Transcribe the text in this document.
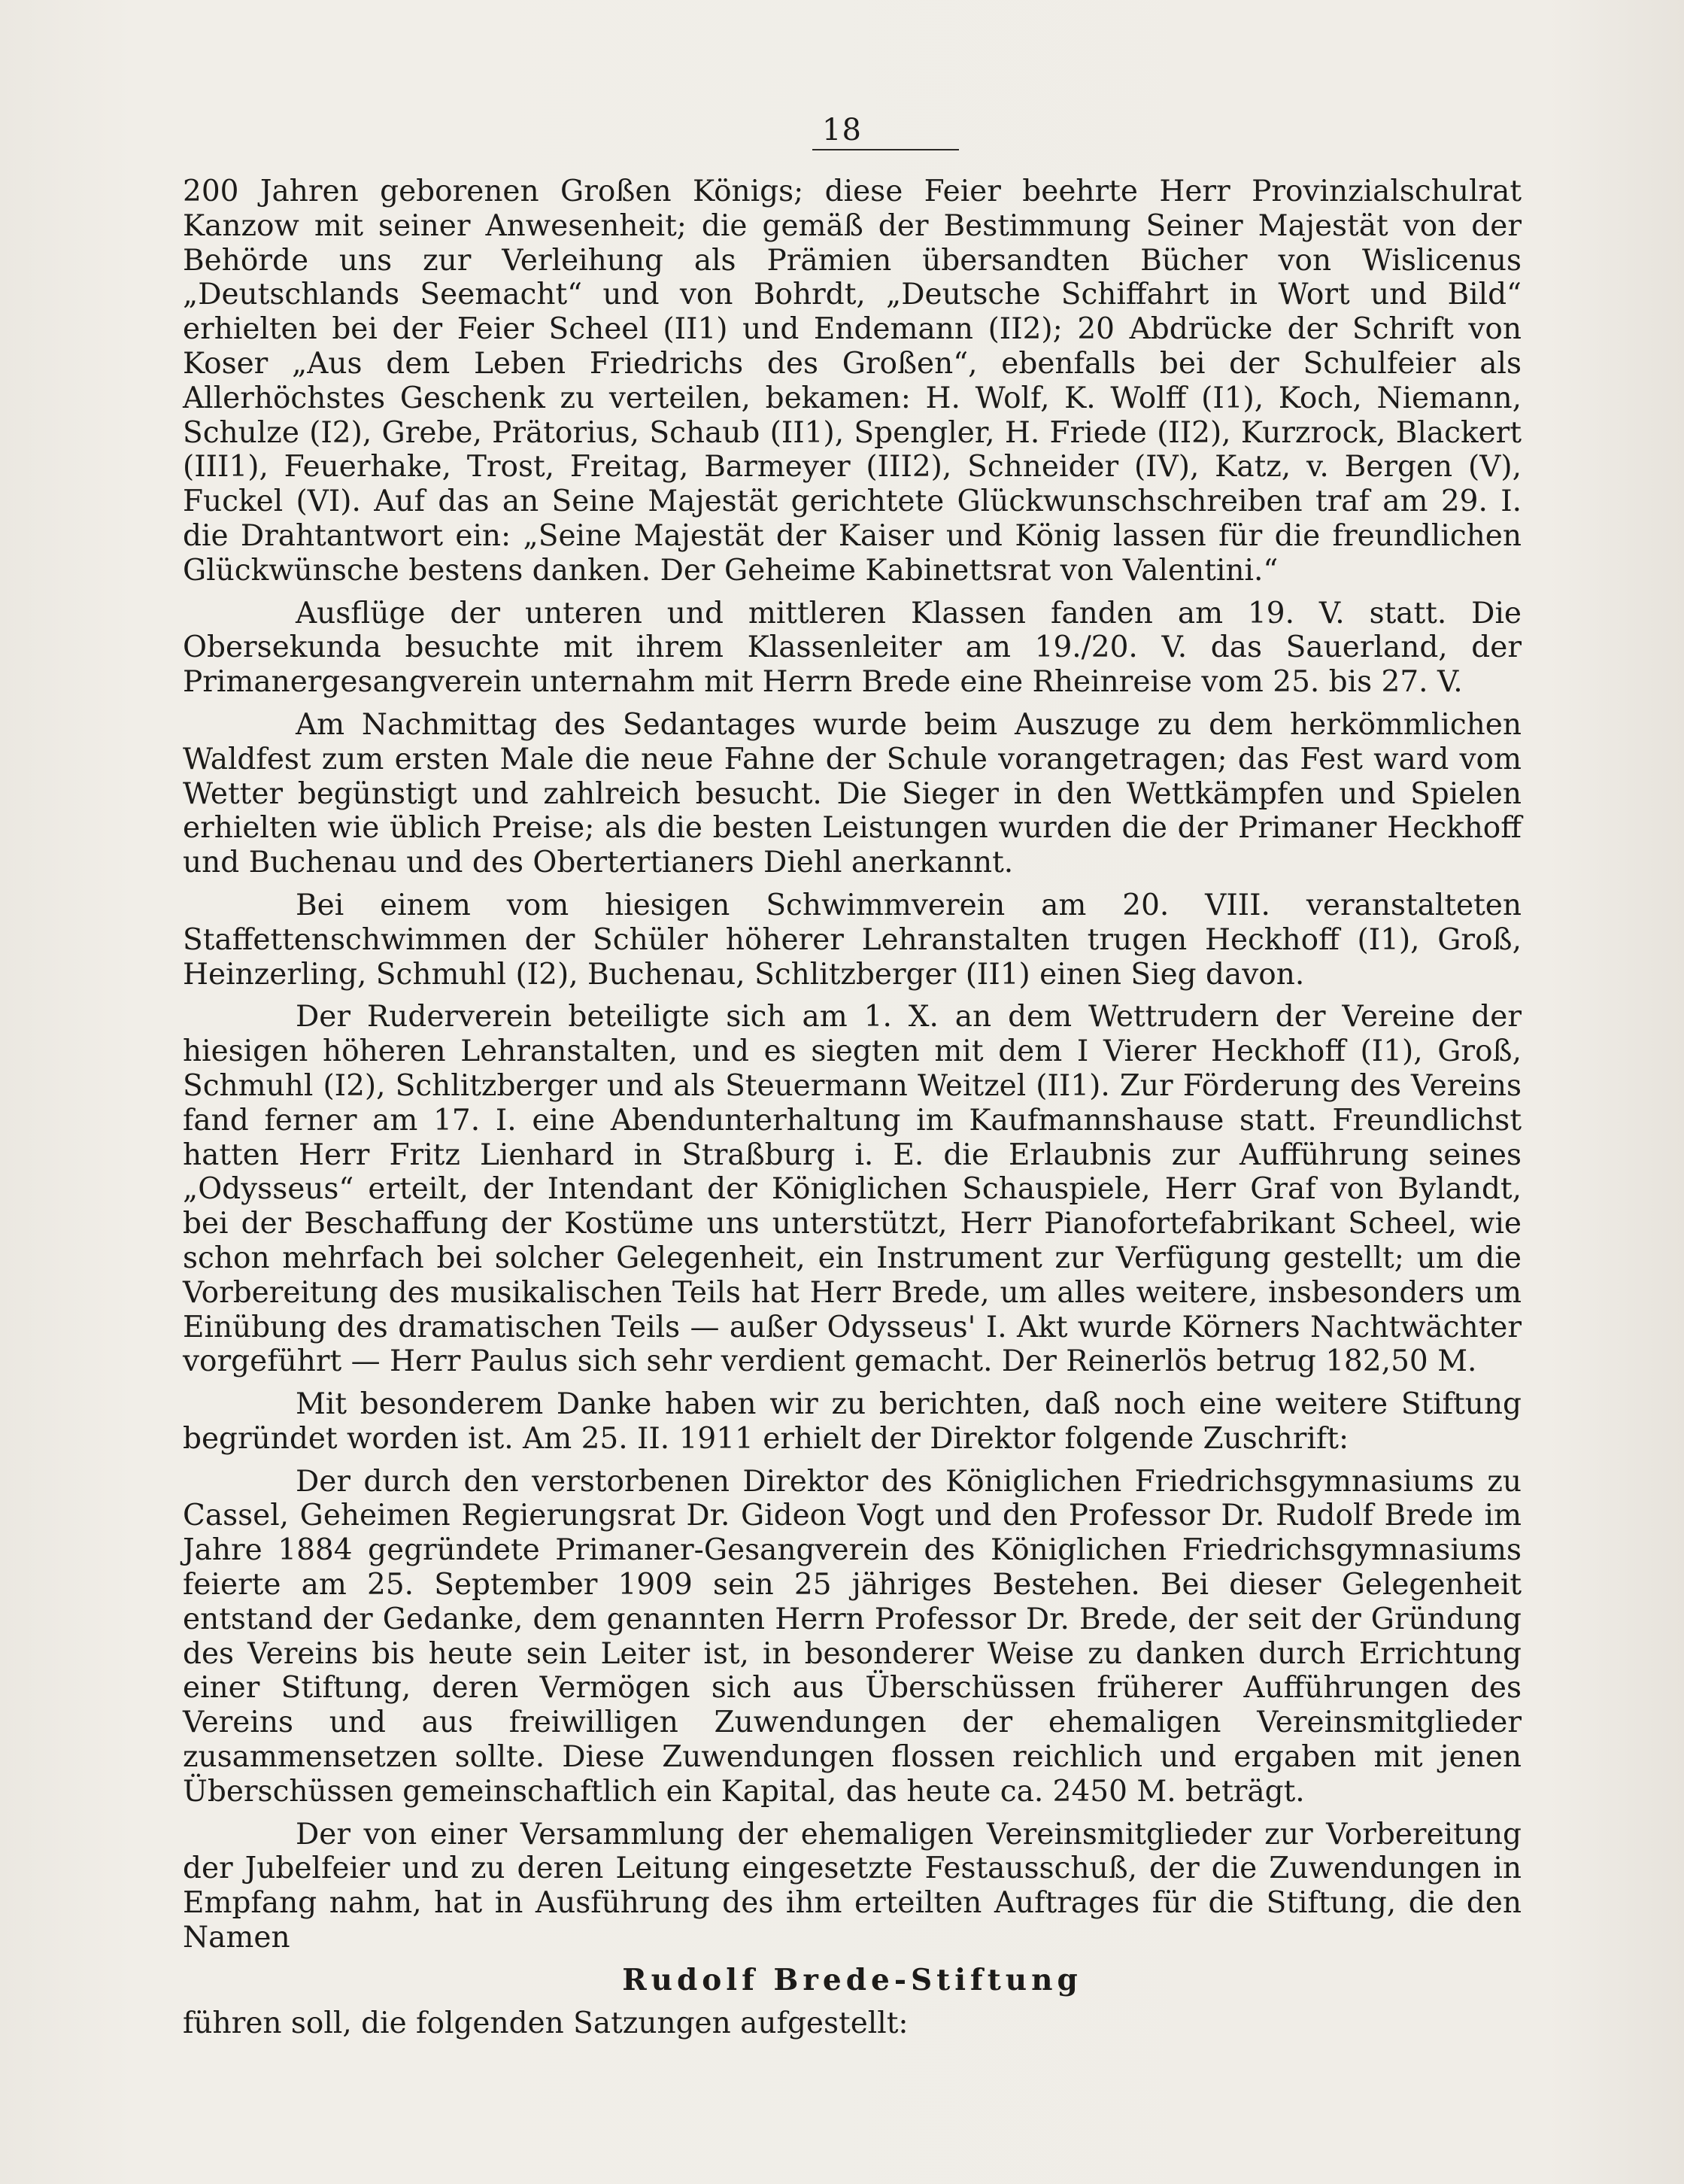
18

200 Jahren geborenen Großen Königs; diese Feier beehrte Herr Provinzialschulrat Kanzow mit seiner Anwesenheit; die gemäß der Bestimmung Seiner Majestät von der Behörde uns zur Verleihung als Prämien übersandten Bücher von Wislicenus „Deutschlands Seemacht“ und von Bohrdt, „Deutsche Schiffahrt in Wort und Bild“ erhielten bei der Feier Scheel (II1) und Endemann (II2); 20 Abdrücke der Schrift von Koser „Aus dem Leben Friedrichs des Großen“, ebenfalls bei der Schulfeier als Allerhöchstes Geschenk zu verteilen, bekamen: H. Wolf, K. Wolff (I1), Koch, Niemann, Schulze (I2), Grebe, Prätorius, Schaub (II1), Spengler, H. Friede (II2), Kurzrock, Blackert (III1), Feuerhake, Trost, Freitag, Barmeyer (III2), Schneider (IV), Katz, v. Bergen (V), Fuckel (VI). Auf das an Seine Majestät gerichtete Glückwunschschreiben traf am 29. I. die Drahtantwort ein: „Seine Majestät der Kaiser und König lassen für die freundlichen Glückwünsche bestens danken. Der Geheime Kabinettsrat von Valentini.“

Ausflüge der unteren und mittleren Klassen fanden am 19. V. statt. Die Obersekunda besuchte mit ihrem Klassenleiter am 19./20. V. das Sauerland, der Primanergesangverein unternahm mit Herrn Brede eine Rheinreise vom 25. bis 27. V.

Am Nachmittag des Sedantages wurde beim Auszuge zu dem herkömmlichen Waldfest zum ersten Male die neue Fahne der Schule vorangetragen; das Fest ward vom Wetter begünstigt und zahlreich besucht. Die Sieger in den Wettkämpfen und Spielen erhielten wie üblich Preise; als die besten Leistungen wurden die der Primaner Heckhoff und Buchenau und des Obertertianers Diehl anerkannt.

Bei einem vom hiesigen Schwimmverein am 20. VIII. veranstalteten Staffettenschwimmen der Schüler höherer Lehranstalten trugen Heckhoff (I1), Groß, Heinzerling, Schmuhl (I2), Buchenau, Schlitzberger (II1) einen Sieg davon.

Der Ruderverein beteiligte sich am 1. X. an dem Wettrudern der Vereine der hiesigen höheren Lehranstalten, und es siegten mit dem I Vierer Heckhoff (I1), Groß, Schmuhl (I2), Schlitzberger und als Steuermann Weitzel (II1). Zur Förderung des Vereins fand ferner am 17. I. eine Abendunterhaltung im Kaufmannshause statt. Freundlichst hatten Herr Fritz Lienhard in Straßburg i. E. die Erlaubnis zur Aufführung seines „Odysseus“ erteilt, der Intendant der Königlichen Schauspiele, Herr Graf von Bylandt, bei der Beschaffung der Kostüme uns unterstützt, Herr Pianofortefabrikant Scheel, wie schon mehrfach bei solcher Gelegenheit, ein Instrument zur Verfügung gestellt; um die Vorbereitung des musikalischen Teils hat Herr Brede, um alles weitere, insbesonders um Einübung des dramatischen Teils — außer Odysseus' I. Akt wurde Körners Nachtwächter vorgeführt — Herr Paulus sich sehr verdient gemacht. Der Reinerlös betrug 182,50 M.

Mit besonderem Danke haben wir zu berichten, daß noch eine weitere Stiftung begründet worden ist. Am 25. II. 1911 erhielt der Direktor folgende Zuschrift:

Der durch den verstorbenen Direktor des Königlichen Friedrichsgymnasiums zu Cassel, Geheimen Regierungsrat Dr. Gideon Vogt und den Professor Dr. Rudolf Brede im Jahre 1884 gegründete Primaner-Gesangverein des Königlichen Friedrichsgymnasiums feierte am 25. September 1909 sein 25 jähriges Bestehen. Bei dieser Gelegenheit entstand der Gedanke, dem genannten Herrn Professor Dr. Brede, der seit der Gründung des Vereins bis heute sein Leiter ist, in besonderer Weise zu danken durch Errichtung einer Stiftung, deren Vermögen sich aus Überschüssen früherer Aufführungen des Vereins und aus freiwilligen Zuwendungen der ehemaligen Vereinsmitglieder zusammensetzen sollte. Diese Zuwendungen flossen reichlich und ergaben mit jenen Überschüssen gemeinschaftlich ein Kapital, das heute ca. 2450 M. beträgt.

Der von einer Versammlung der ehemaligen Vereinsmitglieder zur Vorbereitung der Jubelfeier und zu deren Leitung eingesetzte Festausschuß, der die Zuwendungen in Empfang nahm, hat in Ausführung des ihm erteilten Auftrages für die Stiftung, die den Namen

Rudolf Brede-Stiftung

führen soll, die folgenden Satzungen aufgestellt:
